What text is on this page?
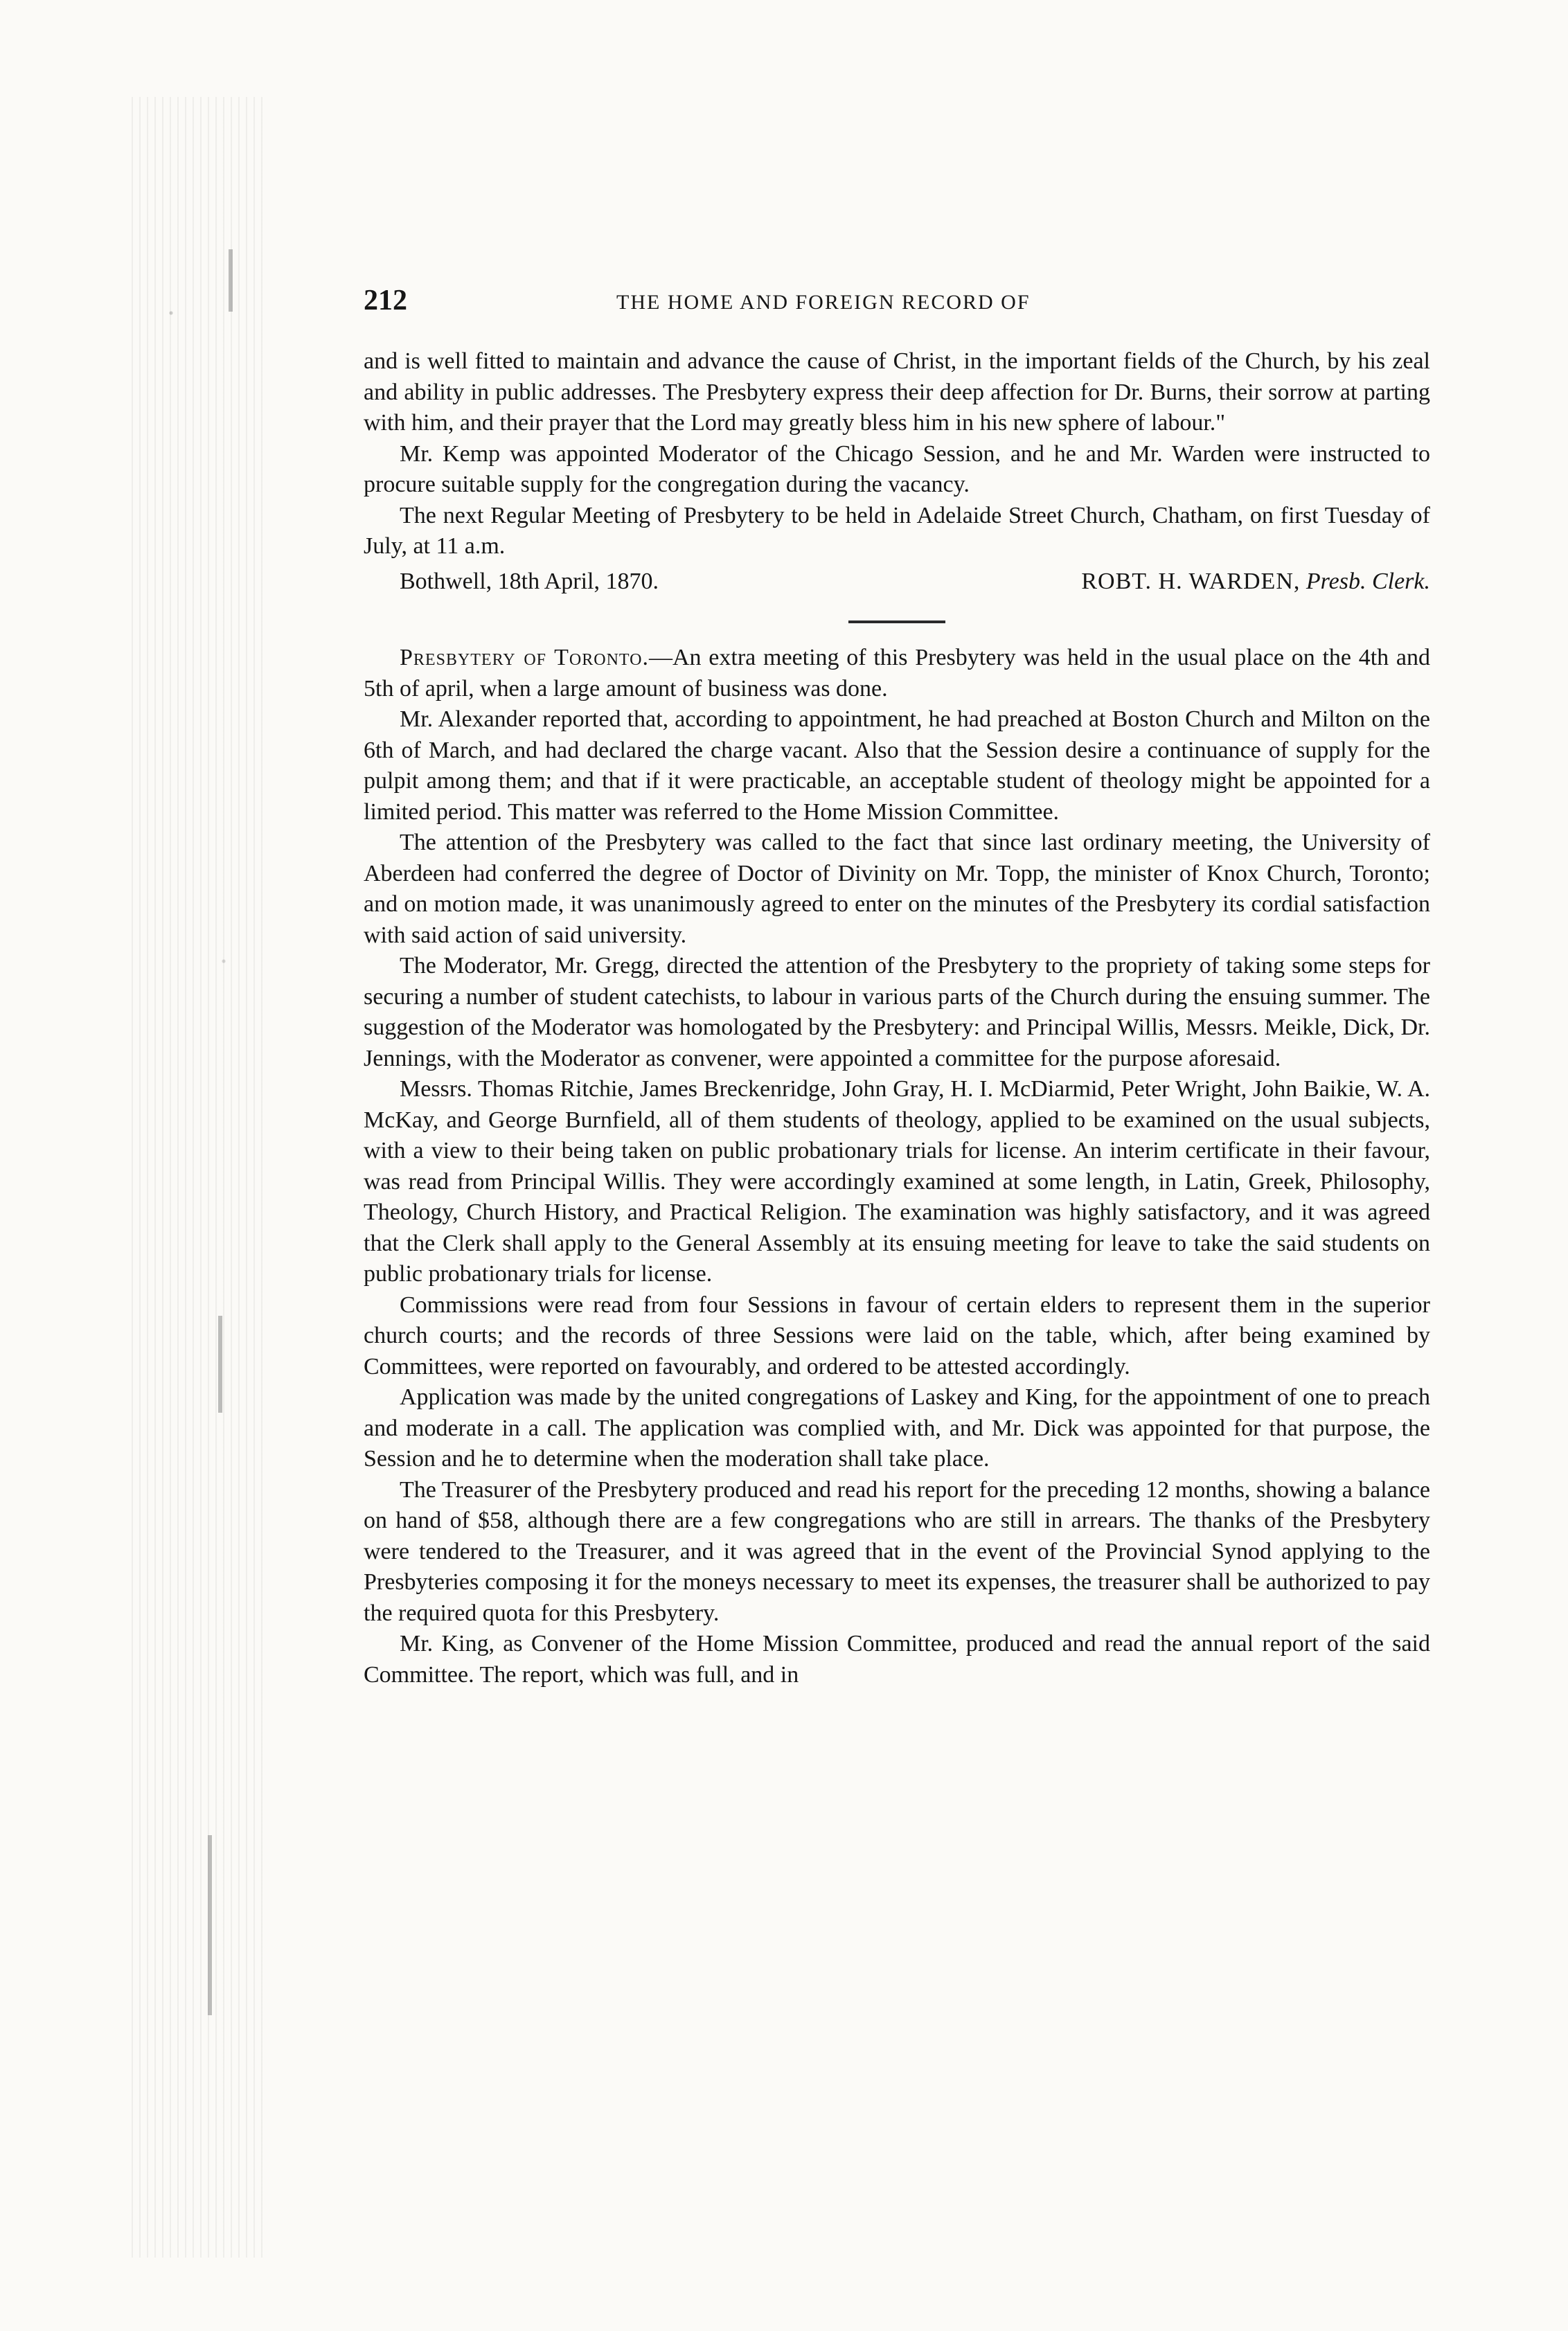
212	THE HOME AND FOREIGN RECORD OF

and is well fitted to maintain and advance the cause of Christ, in the important fields of the Church, by his zeal and ability in public addresses. The Presbytery express their deep affection for Dr. Burns, their sorrow at parting with him, and their prayer that the Lord may greatly bless him in his new sphere of labour."

Mr. Kemp was appointed Moderator of the Chicago Session, and he and Mr. Warden were instructed to procure suitable supply for the congregation during the vacancy.

The next Regular Meeting of Presbytery to be held in Adelaide Street Church, Chatham, on first Tuesday of July, at 11 a.m.

Bothwell, 18th April, 1870.	ROBT. H. WARDEN, Presb. Clerk.

Presbytery of Toronto.—An extra meeting of this Presbytery was held in the usual place on the 4th and 5th of april, when a large amount of business was done.

Mr. Alexander reported that, according to appointment, he had preached at Boston Church and Milton on the 6th of March, and had declared the charge vacant. Also that the Session desire a continuance of supply for the pulpit among them; and that if it were practicable, an acceptable student of theology might be appointed for a limited period. This matter was referred to the Home Mission Committee.

The attention of the Presbytery was called to the fact that since last ordinary meeting, the University of Aberdeen had conferred the degree of Doctor of Divinity on Mr. Topp, the minister of Knox Church, Toronto; and on motion made, it was unanimously agreed to enter on the minutes of the Presbytery its cordial satisfaction with said action of said university.

The Moderator, Mr. Gregg, directed the attention of the Presbytery to the propriety of taking some steps for securing a number of student catechists, to labour in various parts of the Church during the ensuing summer. The suggestion of the Moderator was homologated by the Presbytery: and Principal Willis, Messrs. Meikle, Dick, Dr. Jennings, with the Moderator as convener, were appointed a committee for the purpose aforesaid.

Messrs. Thomas Ritchie, James Breckenridge, John Gray, H. I. McDiarmid, Peter Wright, John Baikie, W. A. McKay, and George Burnfield, all of them students of theology, applied to be examined on the usual subjects, with a view to their being taken on public probationary trials for license. An interim certificate in their favour, was read from Principal Willis. They were accordingly examined at some length, in Latin, Greek, Philosophy, Theology, Church History, and Practical Religion. The examination was highly satisfactory, and it was agreed that the Clerk shall apply to the General Assembly at its ensuing meeting for leave to take the said students on public probationary trials for license.

Commissions were read from four Sessions in favour of certain elders to represent them in the superior church courts; and the records of three Sessions were laid on the table, which, after being examined by Committees, were reported on favourably, and ordered to be attested accordingly.

Application was made by the united congregations of Laskey and King, for the appointment of one to preach and moderate in a call. The application was complied with, and Mr. Dick was appointed for that purpose, the Session and he to determine when the moderation shall take place.

The Treasurer of the Presbytery produced and read his report for the preceding 12 months, showing a balance on hand of $58, although there are a few congregations who are still in arrears. The thanks of the Presbytery were tendered to the Treasurer, and it was agreed that in the event of the Provincial Synod applying to the Presbyteries composing it for the moneys necessary to meet its expenses, the treasurer shall be authorized to pay the required quota for this Presbytery.

Mr. King, as Convener of the Home Mission Committee, produced and read the annual report of the said Committee. The report, which was full, and in
